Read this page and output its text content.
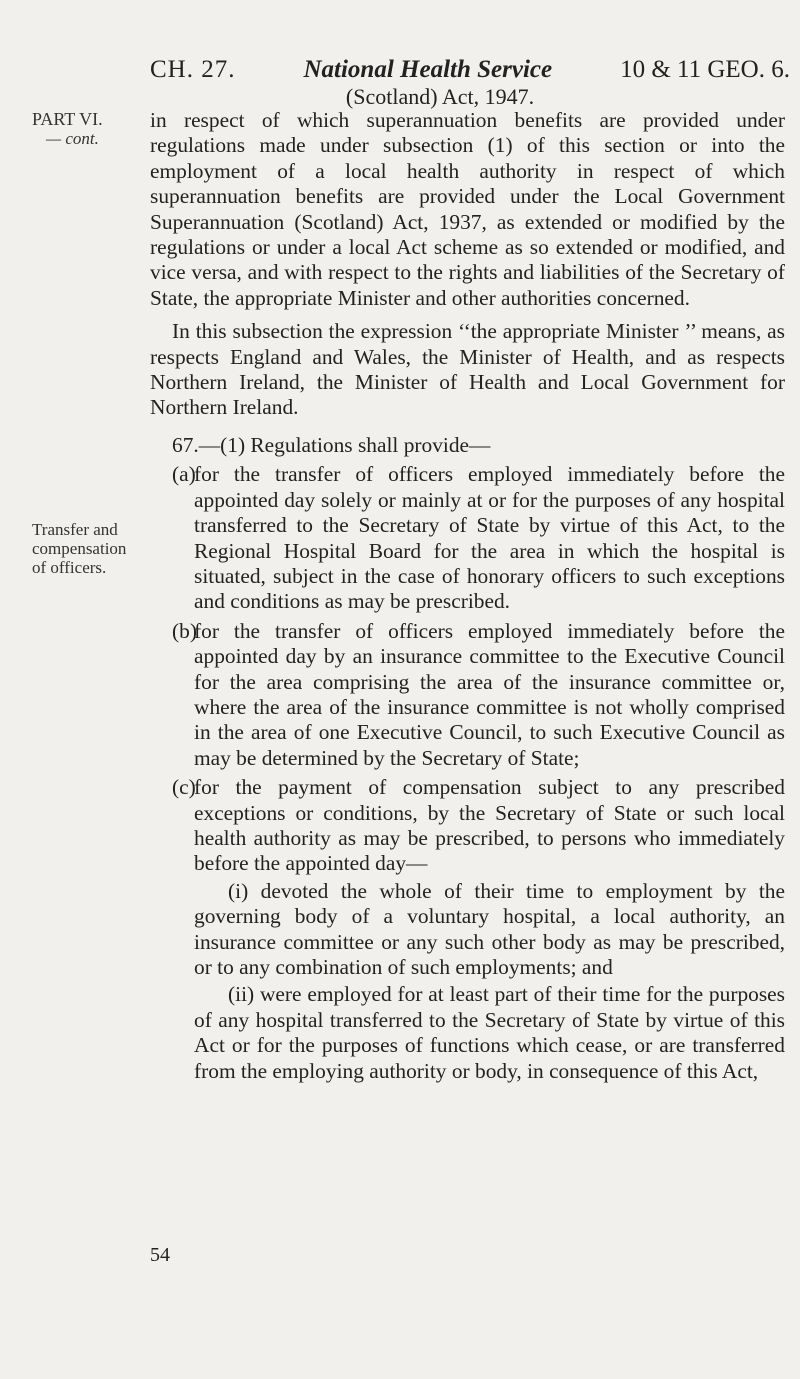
CH. 27.	National Health Service	10 & 11 GEO. 6.
(Scotland) Act, 1947.
PART VI.
— cont.
Transfer and compensation of officers.

in respect of which superannuation benefits are provided under regulations made under subsection (1) of this section or into the employment of a local health authority in respect of which superannuation benefits are provided under the Local Government Superannuation (Scotland) Act, 1937, as extended or modified by the regulations or under a local Act scheme as so extended or modified, and vice versa, and with respect to the rights and liabilities of the Secretary of State, the appropriate Minister and other authorities concerned.

In this subsection the expression ‘‘the appropriate Minister ’’ means, as respects England and Wales, the Minister of Health, and as respects Northern Ireland, the Minister of Health and Local Government for Northern Ireland.

67.—(1) Regulations shall provide—

(a)
for the transfer of officers employed immediately before the appointed day solely or mainly at or for the purposes of any hospital transferred to the Secretary of State by virtue of this Act, to the Regional Hospital Board for the area in which the hospital is situated, subject in the case of honorary officers to such exceptions and conditions as may be prescribed.

(b)
for the transfer of officers employed immediately before the appointed day by an insurance committee to the Executive Council for the area comprising the area of the insurance committee or, where the area of the insurance committee is not wholly comprised in the area of one Executive Council, to such Executive Council as may be determined by the Secretary of State;

(c)
for the payment of compensation subject to any prescribed exceptions or conditions, by the Secretary of State or such local health authority as may be prescribed, to persons who immediately before the appointed day—

(i) devoted the whole of their time to employment by the governing body of a voluntary hospital, a local authority, an insurance committee or any such other body as may be prescribed, or to any combination of such employments; and

(ii) were employed for at least part of their time for the purposes of any hospital transferred to the Secretary of State by virtue of this Act or for the purposes of functions which cease, or are transferred from the employing authority or body, in consequence of this Act,

54
